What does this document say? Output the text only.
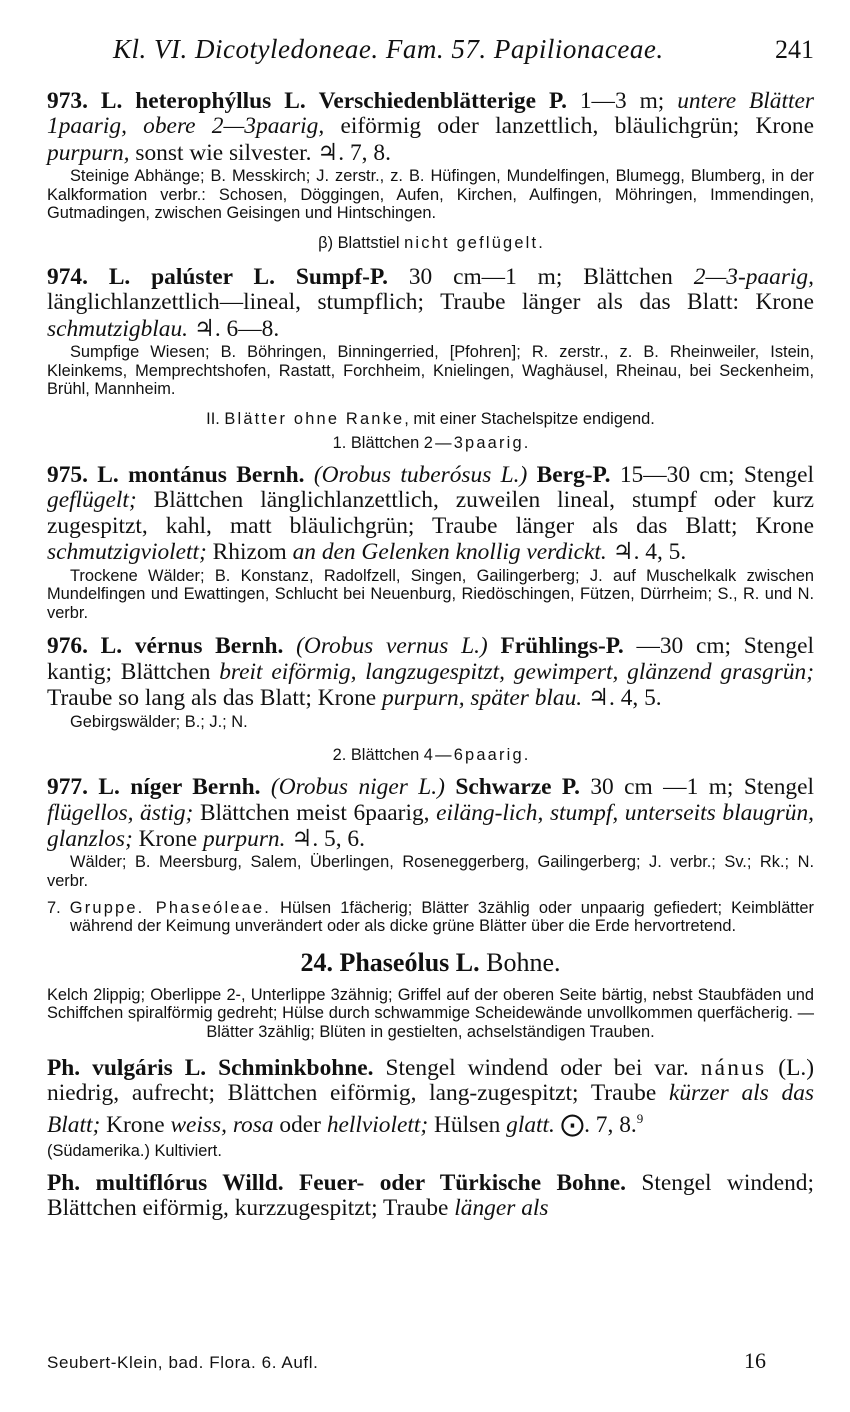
Kl. VI. Dicotyledoneae. Fam. 57. Papilionaceae.	241

973. L. heterophýllus L. Verschiedenblätterige P. 1—3 m; untere Blätter 1paarig, obere 2—3paarig, eiförmig oder lanzettlich, bläulichgrün; Krone purpurn, sonst wie silvester. ♃. 7, 8.

Steinige Abhänge; B. Messkirch; J. zerstr., z. B. Hüfingen, Mundelfingen, Blumegg, Blumberg, in der Kalkformation verbr.: Schosen, Döggingen, Aufen, Kirchen, Aulfingen, Möhringen, Immendingen, Gutmadingen, zwischen Geisingen und Hintschingen.

β) Blattstiel nicht geflügelt.

974. L. palúster L. Sumpf-P. 30 cm—1 m; Blättchen 2—3-paarig, länglichlanzettlich—lineal, stumpflich; Traube länger als das Blatt: Krone schmutzigblau. ♃. 6—8.

Sumpfige Wiesen; B. Böhringen, Binningerried, [Pfohren]; R. zerstr., z. B. Rheinweiler, Istein, Kleinkems, Memprechtshofen, Rastatt, Forchheim, Knielingen, Waghäusel, Rheinau, bei Seckenheim, Brühl, Mannheim.

II. Blätter ohne Ranke, mit einer Stachelspitze endigend.

1. Blättchen 2—3paarig.

975. L. montánus Bernh. (Orobus tuberósus L.) Berg-P. 15—30 cm; Stengel geflügelt; Blättchen länglichlanzettlich, zuweilen lineal, stumpf oder kurz zugespitzt, kahl, matt bläulichgrün; Traube länger als das Blatt; Krone schmutzigviolett; Rhizom an den Gelenken knollig verdickt. ♃. 4, 5.

Trockene Wälder; B. Konstanz, Radolfzell, Singen, Gailingerberg; J. auf Muschelkalk zwischen Mundelfingen und Ewattingen, Schlucht bei Neuenburg, Riedöschingen, Fützen, Dürrheim; S., R. und N. verbr.

976. L. vérnus Bernh. (Orobus vernus L.) Frühlings-P. —30 cm; Stengel kantig; Blättchen breit eiförmig, langzugespitzt, gewimpert, glänzend grasgrün; Traube so lang als das Blatt; Krone purpurn, später blau. ♃. 4, 5.

Gebirgswälder; B.; J.; N.

2. Blättchen 4—6paarig.

977. L. níger Bernh. (Orobus niger L.) Schwarze P. 30 cm —1 m; Stengel flügellos, ästig; Blättchen meist 6paarig, eiläng-lich, stumpf, unterseits blaugrün, glanzlos; Krone purpurn. ♃. 5, 6.

Wälder; B. Meersburg, Salem, Überlingen, Roseneggerberg, Gailingerberg; J. verbr.; Sv.; Rk.; N. verbr.

7. Gruppe. Phaseóleae. Hülsen 1fächerig; Blätter 3zählig oder unpaarig gefiedert; Keimblätter während der Keimung unverändert oder als dicke grüne Blätter über die Erde hervortretend.

24. Phaseólus L. Bohne.

Kelch 2lippig; Oberlippe 2-, Unterlippe 3zähnig; Griffel auf der oberen Seite bärtig, nebst Staubfäden und Schiffchen spiralförmig gedreht; Hülse durch schwammige Scheidewände unvollkommen querfächerig. — Blätter 3zählig; Blüten in gestielten, achselständigen Trauben.

Ph. vulgáris L. Schminkbohne. Stengel windend oder bei var. nánus (L.) niedrig, aufrecht; Blättchen eiförmig, lang-zugespitzt; Traube kürzer als das Blatt; Krone weiss, rosa oder hellviolett; Hülsen glatt. ⨀. 7, 8.$^9$

(Südamerika.) Kultiviert.

Ph. multiflórus Willd. Feuer- oder Türkische Bohne. Stengel windend; Blättchen eiförmig, kurzzugespitzt; Traube länger als

Seubert-Klein, bad. Flora. 6. Aufl.	16
